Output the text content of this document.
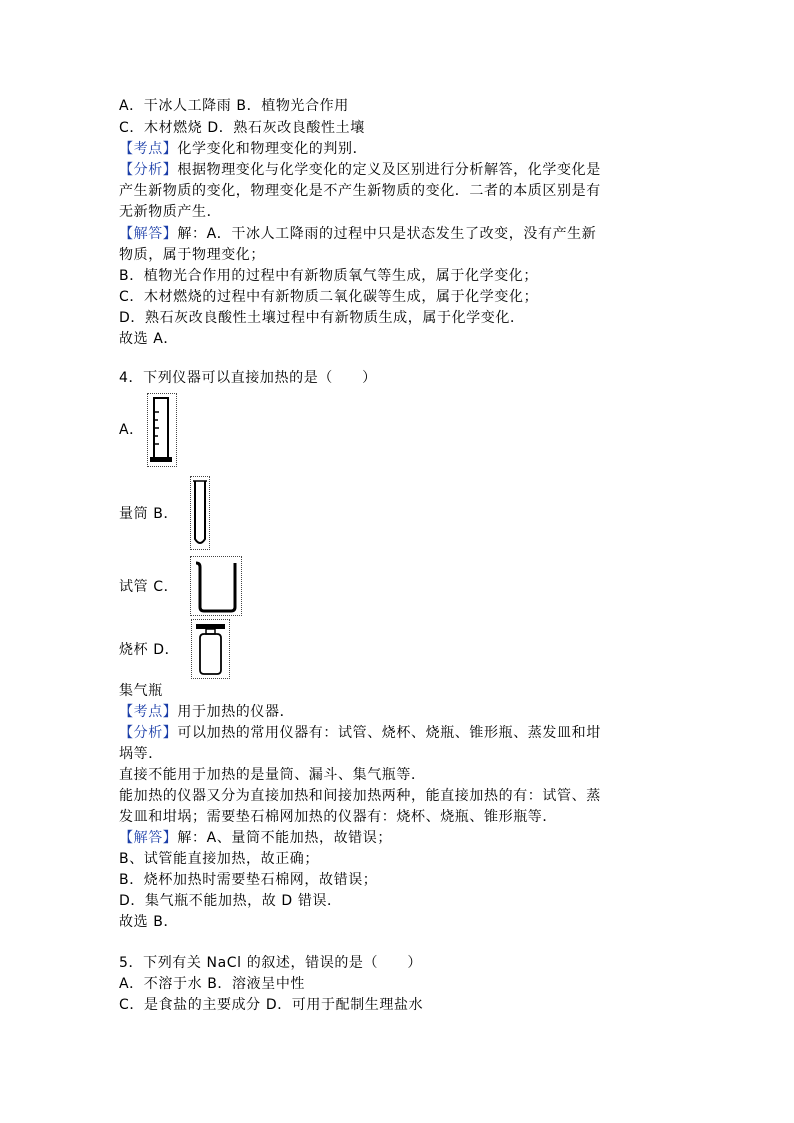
A．干冰人工降雨 B．植物光合作用
C．木材燃烧 D．熟石灰改良酸性土壤
【考点】化学变化和物理变化的判别．
【分析】根据物理变化与化学变化的定义及区别进行分析解答，化学变化是
产生新物质的变化，物理变化是不产生新物质的变化．二者的本质区别是有
无新物质产生．
【解答】解：A．干冰人工降雨的过程中只是状态发生了改变，没有产生新
物质，属于物理变化；
B．植物光合作用的过程中有新物质氧气等生成，属于化学变化；
C．木材燃烧的过程中有新物质二氧化碳等生成，属于化学变化；
D．熟石灰改良酸性土壤过程中有新物质生成，属于化学变化．
故选 A．
4．下列仪器可以直接加热的是（　　）
A．
量筒 B．
试管 C．
烧杯 D．
集气瓶
【考点】用于加热的仪器．
【分析】可以加热的常用仪器有：试管、烧杯、烧瓶、锥形瓶、蒸发皿和坩
埚等．
直接不能用于加热的是量筒、漏斗、集气瓶等．
能加热的仪器又分为直接加热和间接加热两种，能直接加热的有：试管、蒸
发皿和坩埚；需要垫石棉网加热的仪器有：烧杯、烧瓶、锥形瓶等．
【解答】解：A、量筒不能加热，故错误；
B、试管能直接加热，故正确；
B．烧杯加热时需要垫石棉网，故错误；
D．集气瓶不能加热，故 D 错误．
故选 B．
5．下列有关 NaCl 的叙述，错误的是（　　）
A．不溶于水 B．溶液呈中性
C．是食盐的主要成分 D．可用于配制生理盐水
